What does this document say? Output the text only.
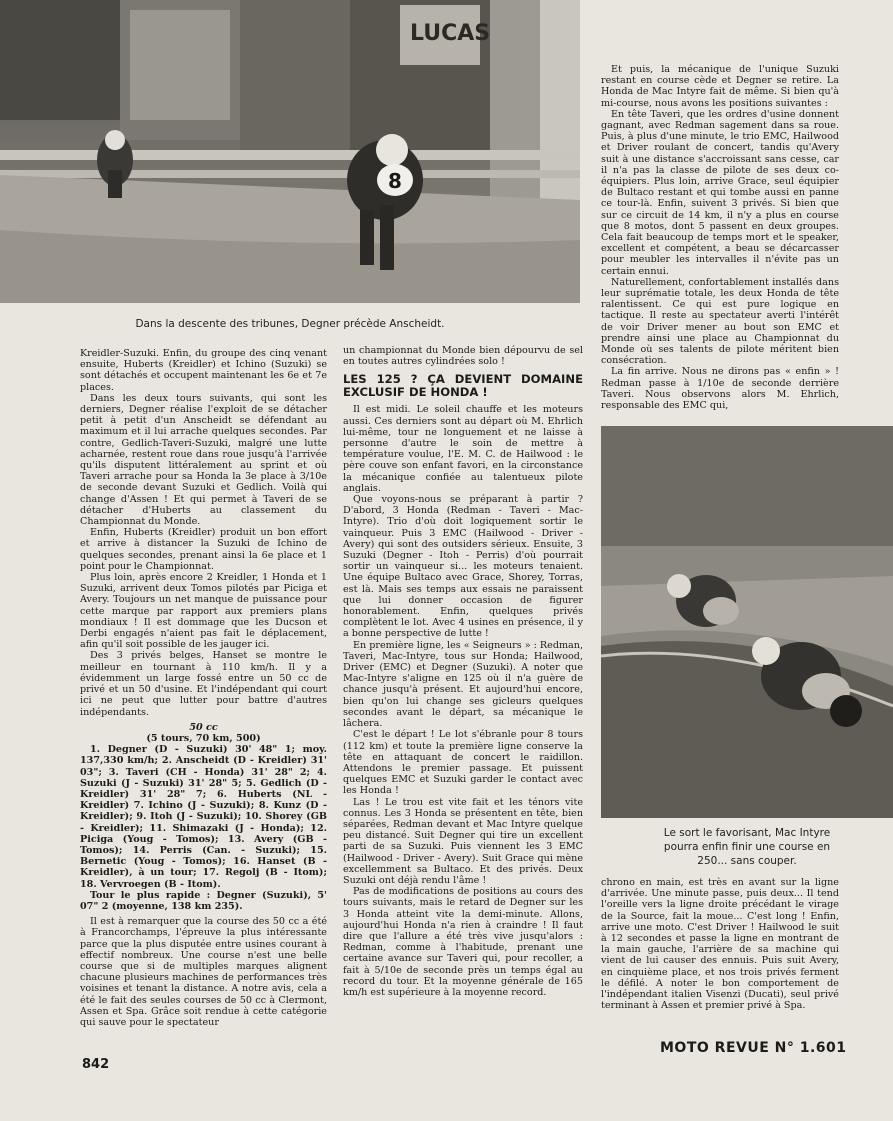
LUCAS
8
Dans la descente des tribunes, Degner précède Anscheidt.
Le sort le favorisant, Mac Intyre
pourra enfin finir une course en
250... sans couper.

Kreidler-Suzuki. Enfin, du groupe des cinq venant ensuite, Huberts (Kreidler) et Ichino (Suzuki) se sont détachés et occupent maintenant les 6e et 7e places.

Dans les deux tours suivants, qui sont les derniers, Degner réalise l'exploit de se détacher petit à petit d'un Anscheidt se défendant au maximum et il lui arrache quelques secondes. Par contre, Gedlich-Taveri-Suzuki, malgré une lutte acharnée, restent roue dans roue jusqu'à l'arrivée qu'ils disputent littéralement au sprint et où Taveri arrache pour sa Honda la 3e place à 3/10e de seconde devant Suzuki et Gedlich. Voilà qui change d'Assen ! Et qui permet à Taveri de se détacher d'Huberts au classement du Championnat du Monde.

Enfin, Huberts (Kreidler) produit un bon effort et arrive à distancer la Suzuki de Ichino de quelques secondes, prenant ainsi la 6e place et 1 point pour le Championnat.

Plus loin, après encore 2 Kreidler, 1 Honda et 1 Suzuki, arrivent deux Tomos pilotés par Piciga et Avery. Toujours un net manque de puissance pour cette marque par rapport aux premiers plans mondiaux ! Il est dommage que les Ducson et Derbi engagés n'aient pas fait le déplacement, afin qu'il soit possible de les jauger ici.

Des 3 privés belges, Hanset se montre le meilleur en tournant à 110 km/h. Il y a évidemment un large fossé entre un 50 cc de privé et un 50 d'usine. Et l'indépendant qui court ici ne peut que lutter pour battre d'autres indépendants.

50 cc

(5 tours, 70 km, 500)

1. Degner (D - Suzuki) 30' 48" 1; moy. 137,330 km/h; 2. Anscheidt (D - Kreidler) 31' 03"; 3. Taveri (CH - Honda) 31' 28" 2; 4. Suzuki (J - Suzuki) 31' 28" 5; 5. Gedlich (D - Kreidler) 31' 28" 7; 6. Huberts (NL - Kreidler) 7. Ichino (J - Suzuki); 8. Kunz (D - Kreidler); 9. Itoh (J - Suzuki); 10. Shorey (GB - Kreidler); 11. Shimazaki (J - Honda); 12. Piciga (Youg - Tomos); 13. Avery (GB - Tomos); 14. Perris (Can. - Suzuki); 15. Bernetic (Youg - Tomos); 16. Hanset (B - Kreidler), à un tour; 17. Regolj (B - Itom); 18. Vervroegen (B - Itom).

Tour le plus rapide : Degner (Suzuki), 5' 07" 2 (moyenne, 138 km 235).

Il est à remarquer que la course des 50 cc a été à Francorchamps, l'épreuve la plus intéressante parce que la plus disputée entre usines courant à effectif nombreux. Une course n'est une belle course que si de multiples marques alignent chacune plusieurs machines de performances très voisines et tenant la distance. A notre avis, cela a été le fait des seules courses de 50 cc à Clermont, Assen et Spa. Grâce soit rendue à cette catégorie qui sauve pour le spectateur

un championnat du Monde bien dépourvu de sel en toutes autres cylindrées solo !

LES 125 ? ÇA DEVIENT DOMAINE EXCLUSIF DE HONDA !

Il est midi. Le soleil chauffe et les moteurs aussi. Ces derniers sont au départ où M. Ehrlich lui-même, tour ne longuement et ne laisse à personne d'autre le soin de mettre à température voulue, l'E. M. C. de Hailwood : le père couve son enfant favori, en la circonstance la mécanique confiée au talentueux pilote anglais.

Que voyons-nous se préparant à partir ? D'abord, 3 Honda (Redman - Taveri - Mac-Intyre). Trio d'où doit logiquement sortir le vainqueur. Puis 3 EMC (Hailwood - Driver - Avery) qui sont des outsiders sérieux. Ensuite, 3 Suzuki (Degner - Itoh - Perris) d'où pourrait sortir un vainqueur si... les moteurs tenaient. Une équipe Bultaco avec Grace, Shorey, Torras, est là. Mais ses temps aux essais ne paraissent que lui donner occasion de figurer honorablement. Enfin, quelques privés complètent le lot. Avec 4 usines en présence, il y a bonne perspective de lutte !

En première ligne, les « Seigneurs » : Redman, Taveri, Mac-Intyre, tous sur Honda; Hailwood, Driver (EMC) et Degner (Suzuki). A noter que Mac-Intyre s'aligne en 125 où il n'a guère de chance jusqu'à présent. Et aujourd'hui encore, bien qu'on lui change ses gicleurs quelques secondes avant le départ, sa mécanique le lâchera.

C'est le départ ! Le lot s'ébranle pour 8 tours (112 km) et toute la première ligne conserve la tête en attaquant de concert le raidillon. Attendons le premier passage. Et puissent quelques EMC et Suzuki garder le contact avec les Honda !

Las ! Le trou est vite fait et les ténors vite connus. Les 3 Honda se présentent en tête, bien séparées, Redman devant et Mac Intyre quelque peu distancé. Suit Degner qui tire un excellent parti de sa Suzuki. Puis viennent les 3 EMC (Hailwood - Driver - Avery). Suit Grace qui mène excellemment sa Bultaco. Et des privés. Deux Suzuki ont déjà rendu l'âme !

Pas de modifications de positions au cours des tours suivants, mais le retard de Degner sur les 3 Honda atteint vite la demi-minute. Allons, aujourd'hui Honda n'a rien à craindre ! Il faut dire que l'allure a été très vive jusqu'alors : Redman, comme à l'habitude, prenant une certaine avance sur Taveri qui, pour recoller, a fait à 5/10e de seconde près un temps égal au record du tour. Et la moyenne générale de 165 km/h est supérieure à la moyenne record.

Et puis, la mécanique de l'unique Suzuki restant en course cède et Degner se retire. La Honda de Mac Intyre fait de même. Si bien qu'à mi-course, nous avons les positions suivantes :

En tête Taveri, que les ordres d'usine donnent gagnant, avec Redman sagement dans sa roue. Puis, à plus d'une minute, le trio EMC, Hailwood et Driver roulant de concert, tandis qu'Avery suit à une distance s'accroissant sans cesse, car il n'a pas la classe de pilote de ses deux co-équipiers. Plus loin, arrive Grace, seul équipier de Bultaco restant et qui tombe aussi en panne ce tour-là. Enfin, suivent 3 privés. Si bien que sur ce circuit de 14 km, il n'y a plus en course que 8 motos, dont 5 passent en deux groupes. Cela fait beaucoup de temps mort et le speaker, excellent et compétent, a beau se décarcasser pour meubler les intervalles il n'évite pas un certain ennui.

Naturellement, confortablement installés dans leur suprématie totale, les deux Honda de tête ralentissent. Ce qui est pure logique en tactique. Il reste au spectateur averti l'intérêt de voir Driver mener au bout son EMC et prendre ainsi une place au Championnat du Monde où ses talents de pilote méritent bien consécration.

La fin arrive. Nous ne dirons pas « enfin » ! Redman passe à 1/10e de seconde derrière Taveri. Nous observons alors M. Ehrlich, responsable des EMC qui,

chrono en main, est très en avant sur la ligne d'arrivée. Une minute passe, puis deux... Il tend l'oreille vers la ligne droite précédant le virage de la Source, fait la moue... C'est long ! Enfin, arrive une moto. C'est Driver ! Hailwood le suit à 12 secondes et passe la ligne en montrant de la main gauche, l'arrière de sa machine qui vient de lui causer des ennuis. Puis suit Avery, en cinquième place, et nos trois privés ferment le défilé. A noter le bon comportement de l'indépendant italien Visenzi (Ducati), seul privé terminant à Assen et premier privé à Spa.

842
MOTO REVUE N° 1.601
